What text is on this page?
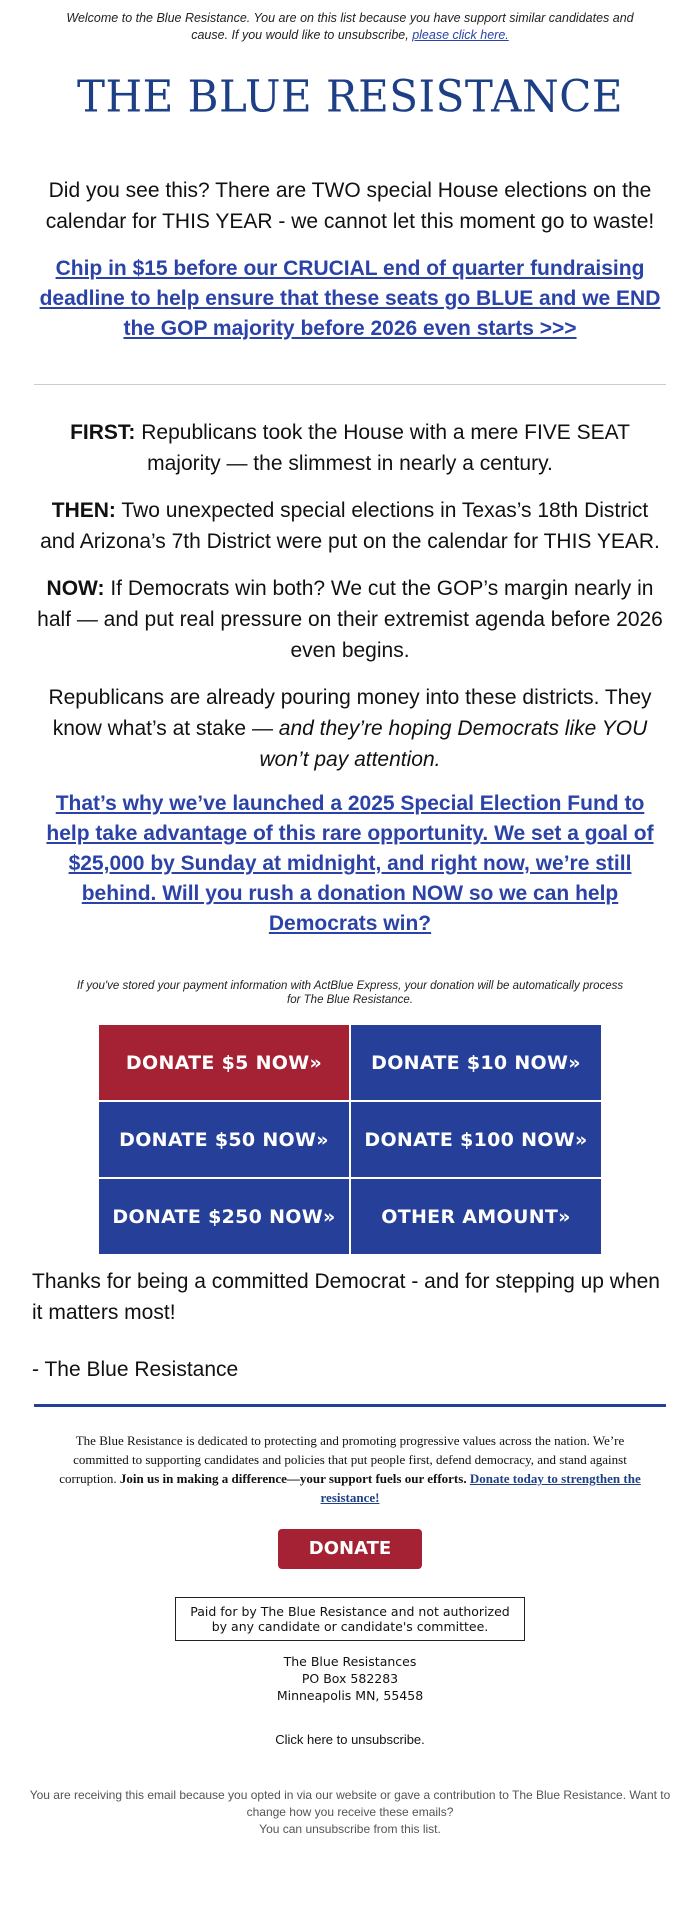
Welcome to the Blue Resistance. You are on this list because you have support similar candidates and cause. If you would like to unsubscribe, please click here.
THE BLUE RESISTANCE

Did you see this? There are TWO special House elections on the calendar for THIS YEAR - we cannot let this moment go to waste!

Chip in $15 before our CRUCIAL end of quarter fundraising deadline to help ensure that these seats go BLUE and we END the GOP majority before 2026 even starts >>>

FIRST: Republicans took the House with a mere FIVE SEAT majority — the slimmest in nearly a century.

THEN: Two unexpected special elections in Texas’s 18th District and Arizona’s 7th District were put on the calendar for THIS YEAR.

NOW: If Democrats win both? We cut the GOP’s margin nearly in half — and put real pressure on their extremist agenda before 2026 even begins.

Republicans are already pouring money into these districts. They know what’s at stake — and they’re hoping Democrats like YOU won’t pay attention.

That’s why we’ve launched a 2025 Special Election Fund to help take advantage of this rare opportunity. We set a goal of $25,000 by Sunday at midnight, and right now, we’re still behind. Will you rush a donation NOW so we can help Democrats win?
If you've stored your payment information with ActBlue Express, your donation will be automatically process for The Blue Resistance.
DONATE $5 NOW»	DONATE $10 NOW»
DONATE $50 NOW»	DONATE $100 NOW»
DONATE $250 NOW»	OTHER AMOUNT»

Thanks for being a committed Democrat - and for stepping up when it matters most!

- The Blue Resistance
The Blue Resistance is dedicated to protecting and promoting progressive values across the nation. We’re committed to supporting candidates and policies that put people first, defend democracy, and stand against corruption. Join us in making a difference—your support fuels our efforts. Donate today to strengthen the resistance!
DONATE
Paid for by The Blue Resistance and not authorized by any candidate or candidate's committee.
The Blue Resistances
PO Box 582283
Minneapolis MN, 55458
Click here to unsubscribe.
You are receiving this email because you opted in via our website or gave a contribution to The Blue Resistance. Want to change how you receive these emails?
You can unsubscribe from this list.
